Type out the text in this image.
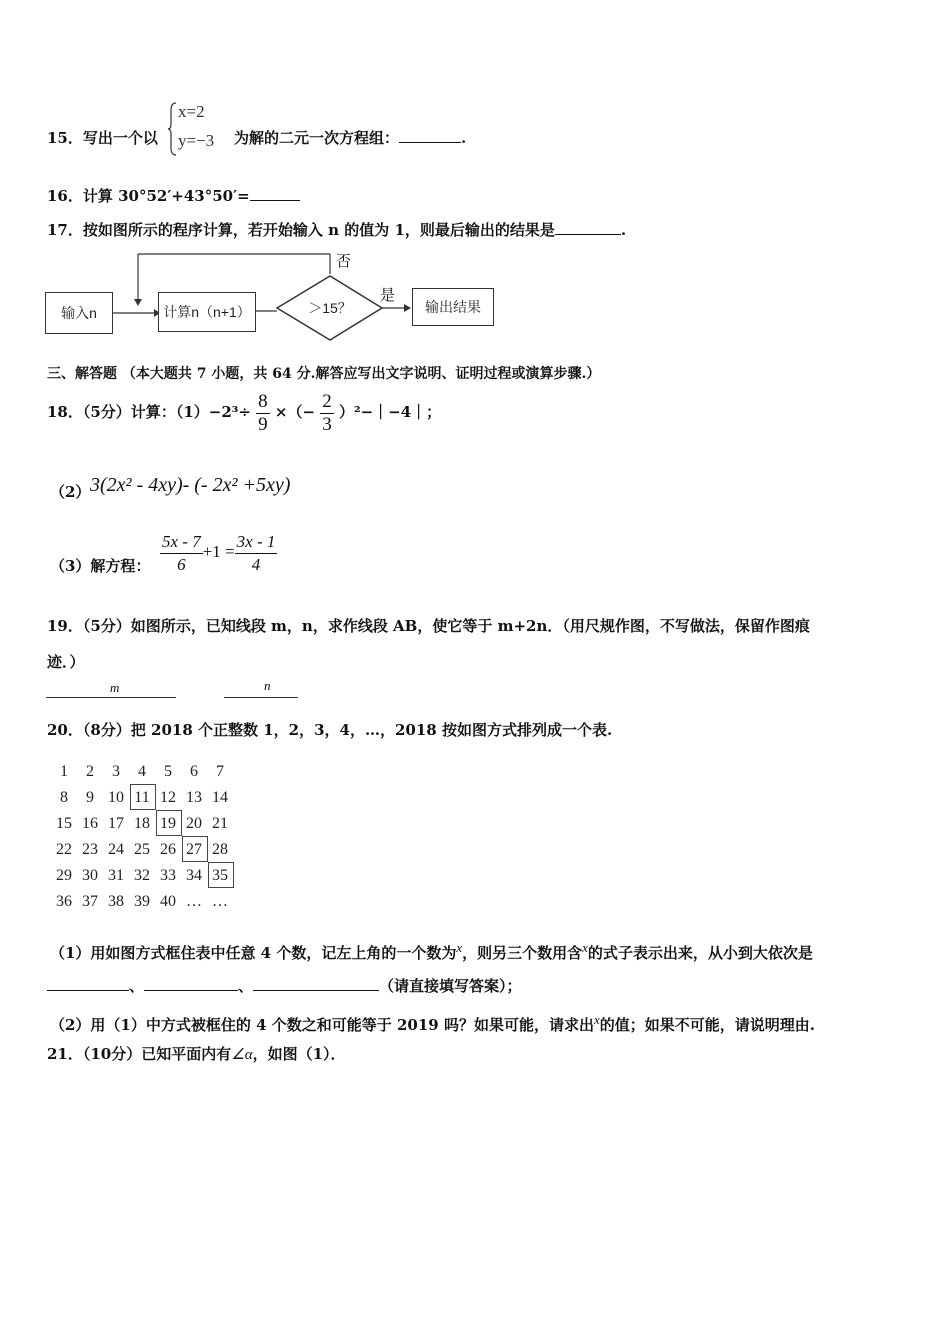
15．写出一个以
x=2
y=−3 为解的二元一次方程组：	.
16．计算 30°52′+43°50′=
17．按如图所示的程序计算，若开始输入 n 的值为 1，则最后输出的结果是	.
输入n	计算n（n+1）	＞15？	输出结果
否
是
三、解答题 （本大题共 7 小题，共 64 分.解答应写出文字说明、证明过程或演算步骤.）
18．（5分）计算：$(1)-2^3\div \frac{8}{9}$ ×（− $\frac{2}{3}$ ）²−｜−4｜；
（2） 3(2x² - 4xy)- (- 2x² +5xy)
（3）解方程： $\frac{5x - 7}{6} +1 = \frac{3x - 1}{4}$
19．（5分）如图所示，已知线段 m，n，求作线段 AB，使它等于 m+2n．（用尺规作图，不写做法，保留作图痕
迹．）
m	n
20．（8分）把 2018 个正整数 1，2，3，4，…，2018 按如图方式排列成一个表.
1	2	3	4	5	6	7
8	9 10 11 12 13 14
15 16 17 18 19 20 21
22 23 24 25 26 27 28
29 30 31 32 33 34 35
36 37 38 39 40 … …
（1）用如图方式框住表中任意 4 个数，记左上角的一个数为x，则另三个数用含x的式子表示出来，从小到大依次是
、	、	（请直接填写答案）；
（2）用（1）中方式被框住的 4 个数之和可能等于 2019 吗？如果可能，请求出x的值；如果不可能，请说明理由.
21．（10分）已知平面内有∠α，如图（1）．
